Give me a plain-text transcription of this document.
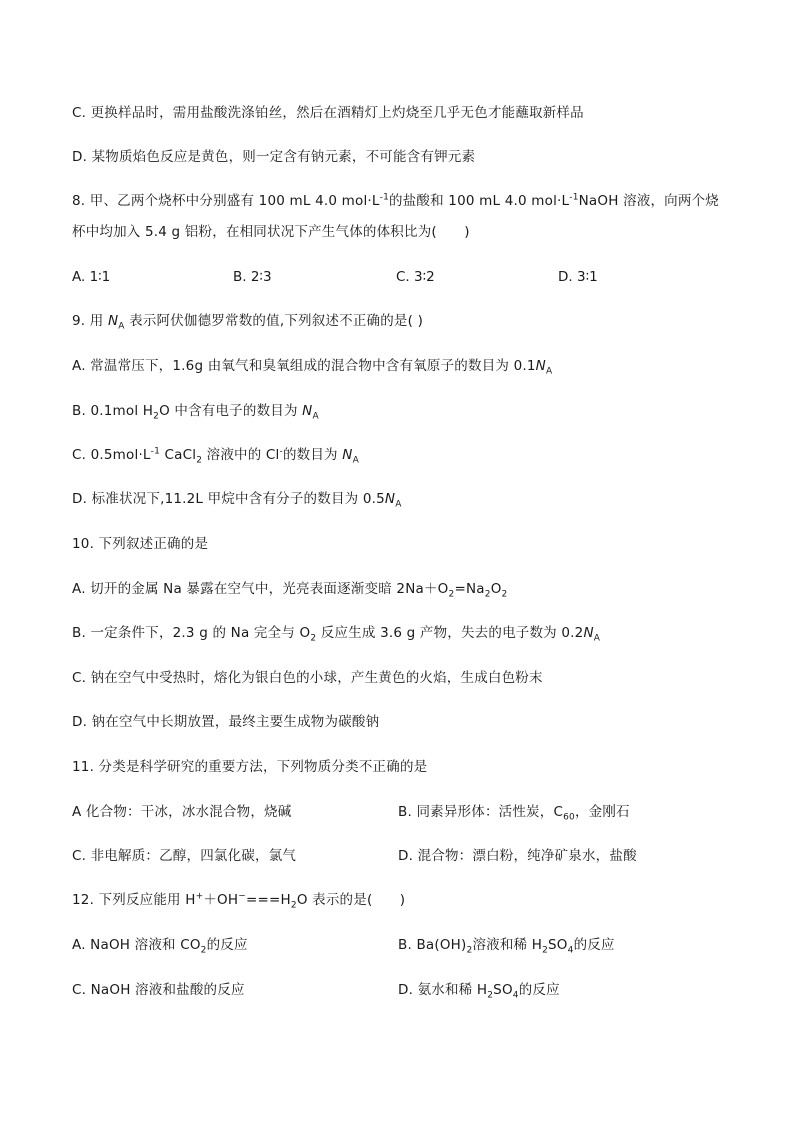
C. 更换样品时，需用盐酸洗涤铂丝，然后在酒精灯上灼烧至几乎无色才能蘸取新样品
D. 某物质焰色反应是黄色，则一定含有钠元素，不可能含有钾元素
8. 甲、乙两个烧杯中分别盛有 100 mL 4.0 $mol\cdot L^{-1}$的盐酸和 100 mL 4.0 $mol\cdot L^{-1}NaOH$ 溶液，向两个烧
杯中均加入 5.4 g 铝粉，在相同状况下产生气体的体积比为(　　)
A. 1∶1	B. 2∶3	C. 3∶2	D. 3∶1
9. 用 $N_A$ 表示阿伏伽德罗常数的值,下列叙述不正确的是( )
A. 常温常压下，1.6g 由氧气和臭氧组成的混合物中含有氧原子的数目为 $0.1N_A$
B. 0.1mol $H_2O$ 中含有电子的数目为 $N_A$
C. $0.5mol\cdot L^{-1}$ CaCl$_2$ 溶液中的 Cl-的数目为 $N_A$
D. 标准状况下,11.2L 甲烷中含有分子的数目为 $0.5N_A$
10. 下列叙述正确的是
A. 切开的金属 Na 暴露在空气中，光亮表面逐渐变暗 $2Na+O_2=Na_2O_2$
B. 一定条件下，2.3 g 的 Na 完全与 $O_2$ 反应生成 3.6 g 产物，失去的电子数为 $0.2N_A$
C. 钠在空气中受热时，熔化为银白色的小球，产生黄色的火焰，生成白色粉末
D. 钠在空气中长期放置，最终主要生成物为碳酸钠
11. 分类是科学研究的重要方法，下列物质分类不正确的是
A 化合物：干冰，冰水混合物，烧碱	B. 同素异形体：活性炭，$C_{60}$，金刚石
C. 非电解质：乙醇，四氯化碳，氯气	D. 混合物：漂白粉，纯净矿泉水，盐酸
12. 下列反应能用 $H^++OH^-===H_2O$ 表示的是(　　)
A. NaOH 溶液和 $CO_2$的反应	B. $Ba(OH)_2$溶液和稀 $H_2SO_4$的反应
C. NaOH 溶液和盐酸的反应	D. 氨水和稀 $H_2SO_4$的反应
